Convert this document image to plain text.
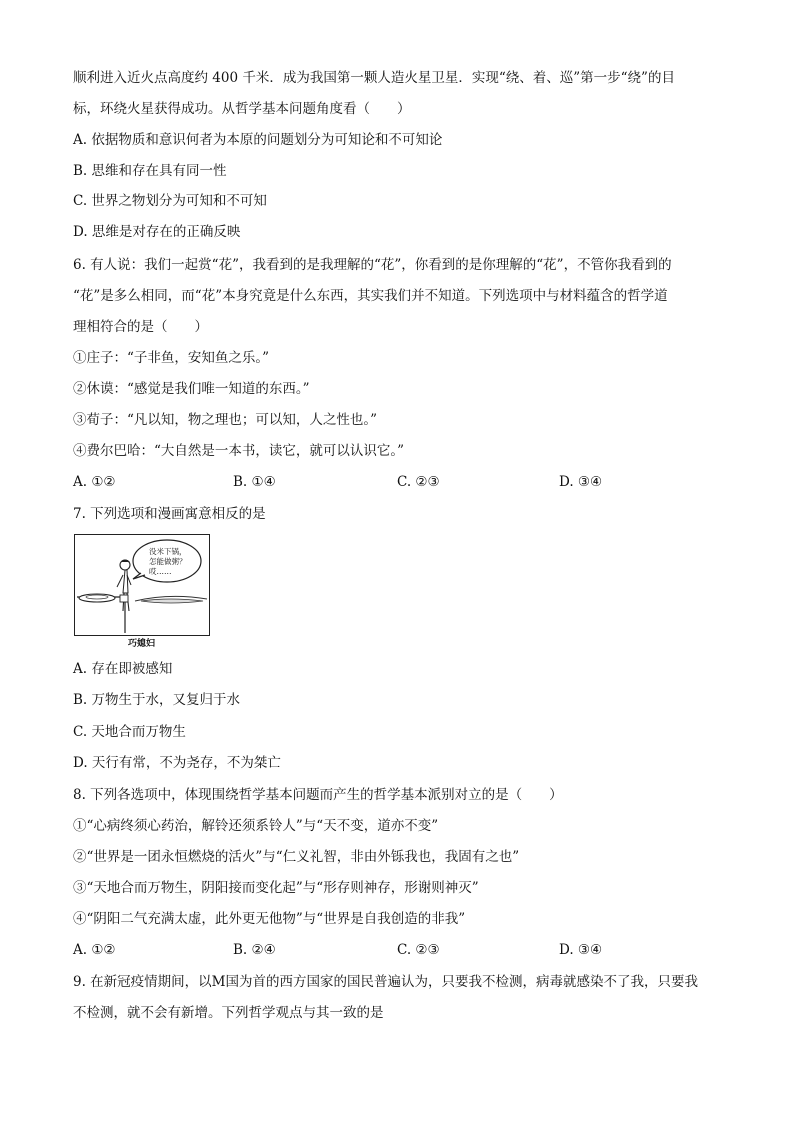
顺利进入近火点高度约 400 千米．成为我国第一颗人造火星卫星．实现“绕、着、巡”第一步“绕”的目
标，环绕火星获得成功。从哲学基本问题角度看（　　）
A. 依据物质和意识何者为本原的问题划分为可知论和不可知论
B. 思维和存在具有同一性
C. 世界之物划分为可知和不可知
D. 思维是对存在的正确反映
6. 有人说：我们一起赏“花”，我看到的是我理解的“花”，你看到的是你理解的“花”，不管你我看到的
“花”是多么相同，而“花”本身究竟是什么东西，其实我们并不知道。下列选项中与材料蕴含的哲学道
理相符合的是（　　）
①庄子：“子非鱼，安知鱼之乐。”
②休谟：“感觉是我们唯一知道的东西。”
③荀子：“凡以知，物之理也；可以知，人之性也。”
④费尔巴哈：“大自然是一本书，读它，就可以认识它。”
A. ①②	B. ①④	C. ②③	D. ③④
7. 下列选项和漫画寓意相反的是
没米下锅，
怎能做粥？
哎……
巧媳妇
A. 存在即被感知
B. 万物生于水，又复归于水
C. 天地合而万物生
D. 天行有常，不为尧存，不为桀亡
8. 下列各选项中，体现围绕哲学基本问题而产生的哲学基本派别对立的是（　　）
①“心病终须心药治，解铃还须系铃人”与“天不变，道亦不变”
②“世界是一团永恒燃烧的活火”与“仁义礼智，非由外铄我也，我固有之也”
③“天地合而万物生，阴阳接而变化起”与“形存则神存，形谢则神灭”
④“阴阳二气充满太虚，此外更无他物”与“世界是自我创造的非我”
A. ①②	B. ②④	C. ②③	D. ③④
9. 在新冠疫情期间，以M国为首的西方国家的国民普遍认为，只要我不检测，病毒就感染不了我，只要我
不检测，就不会有新增。下列哲学观点与其一致的是
